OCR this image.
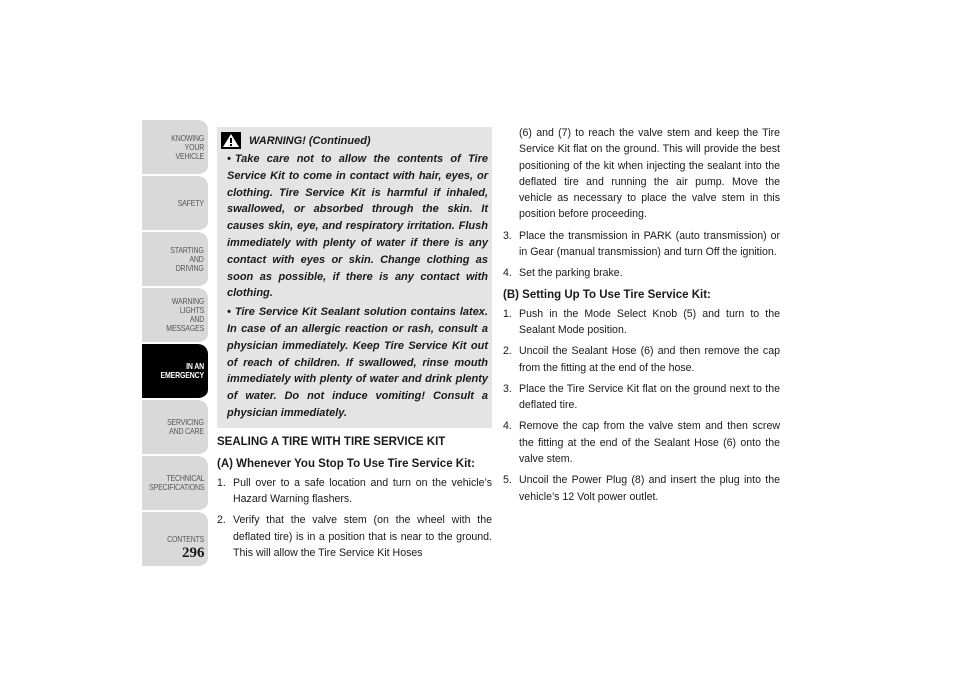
KNOWING
YOUR
VEHICLE
SAFETY
STARTING
AND
DRIVING
WARNING
LIGHTS
AND
MESSAGES
IN AN
EMERGENCY
SERVICING
AND CARE
TECHNICAL
SPECIFICATIONS
CONTENTS
296
WARNING! (Continued)

• Take care not to allow the contents of Tire Service Kit to come in contact with hair, eyes, or clothing. Tire Service Kit is harmful if inhaled, swallowed, or absorbed through the skin. It causes skin, eye, and respiratory irritation. Flush immediately with plenty of water if there is any contact with eyes or skin. Change clothing as soon as possible, if there is any contact with clothing.

• Tire Service Kit Sealant solution contains latex. In case of an allergic reaction or rash, consult a physician immediately. Keep Tire Service Kit out of reach of children. If swallowed, rinse mouth immediately with plenty of water and drink plenty of water. Do not induce vomiting! Consult a physician immediately.

SEALING A TIRE WITH TIRE SERVICE KIT
(A) Whenever You Stop To Use Tire Service Kit:
1. Pull over to a safe location and turn on the vehicle’s Hazard Warning flashers.
2. Verify that the valve stem (on the wheel with the deflated tire) is in a position that is near to the ground. This will allow the Tire Service Kit Hoses

(6) and (7) to reach the valve stem and keep the Tire Service Kit flat on the ground. This will provide the best positioning of the kit when injecting the sealant into the deflated tire and running the air pump. Move the vehicle as necessary to place the valve stem in this position before proceeding.

3. Place the transmission in PARK (auto transmission) or in Gear (manual transmission) and turn Off the ignition.
4. Set the parking brake.
(B) Setting Up To Use Tire Service Kit:
1. Push in the Mode Select Knob (5) and turn to the Sealant Mode position.
2. Uncoil the Sealant Hose (6) and then remove the cap from the fitting at the end of the hose.
3. Place the Tire Service Kit flat on the ground next to the deflated tire.
4. Remove the cap from the valve stem and then screw the fitting at the end of the Sealant Hose (6) onto the valve stem.
5. Uncoil the Power Plug (8) and insert the plug into the vehicle’s 12 Volt power outlet.
